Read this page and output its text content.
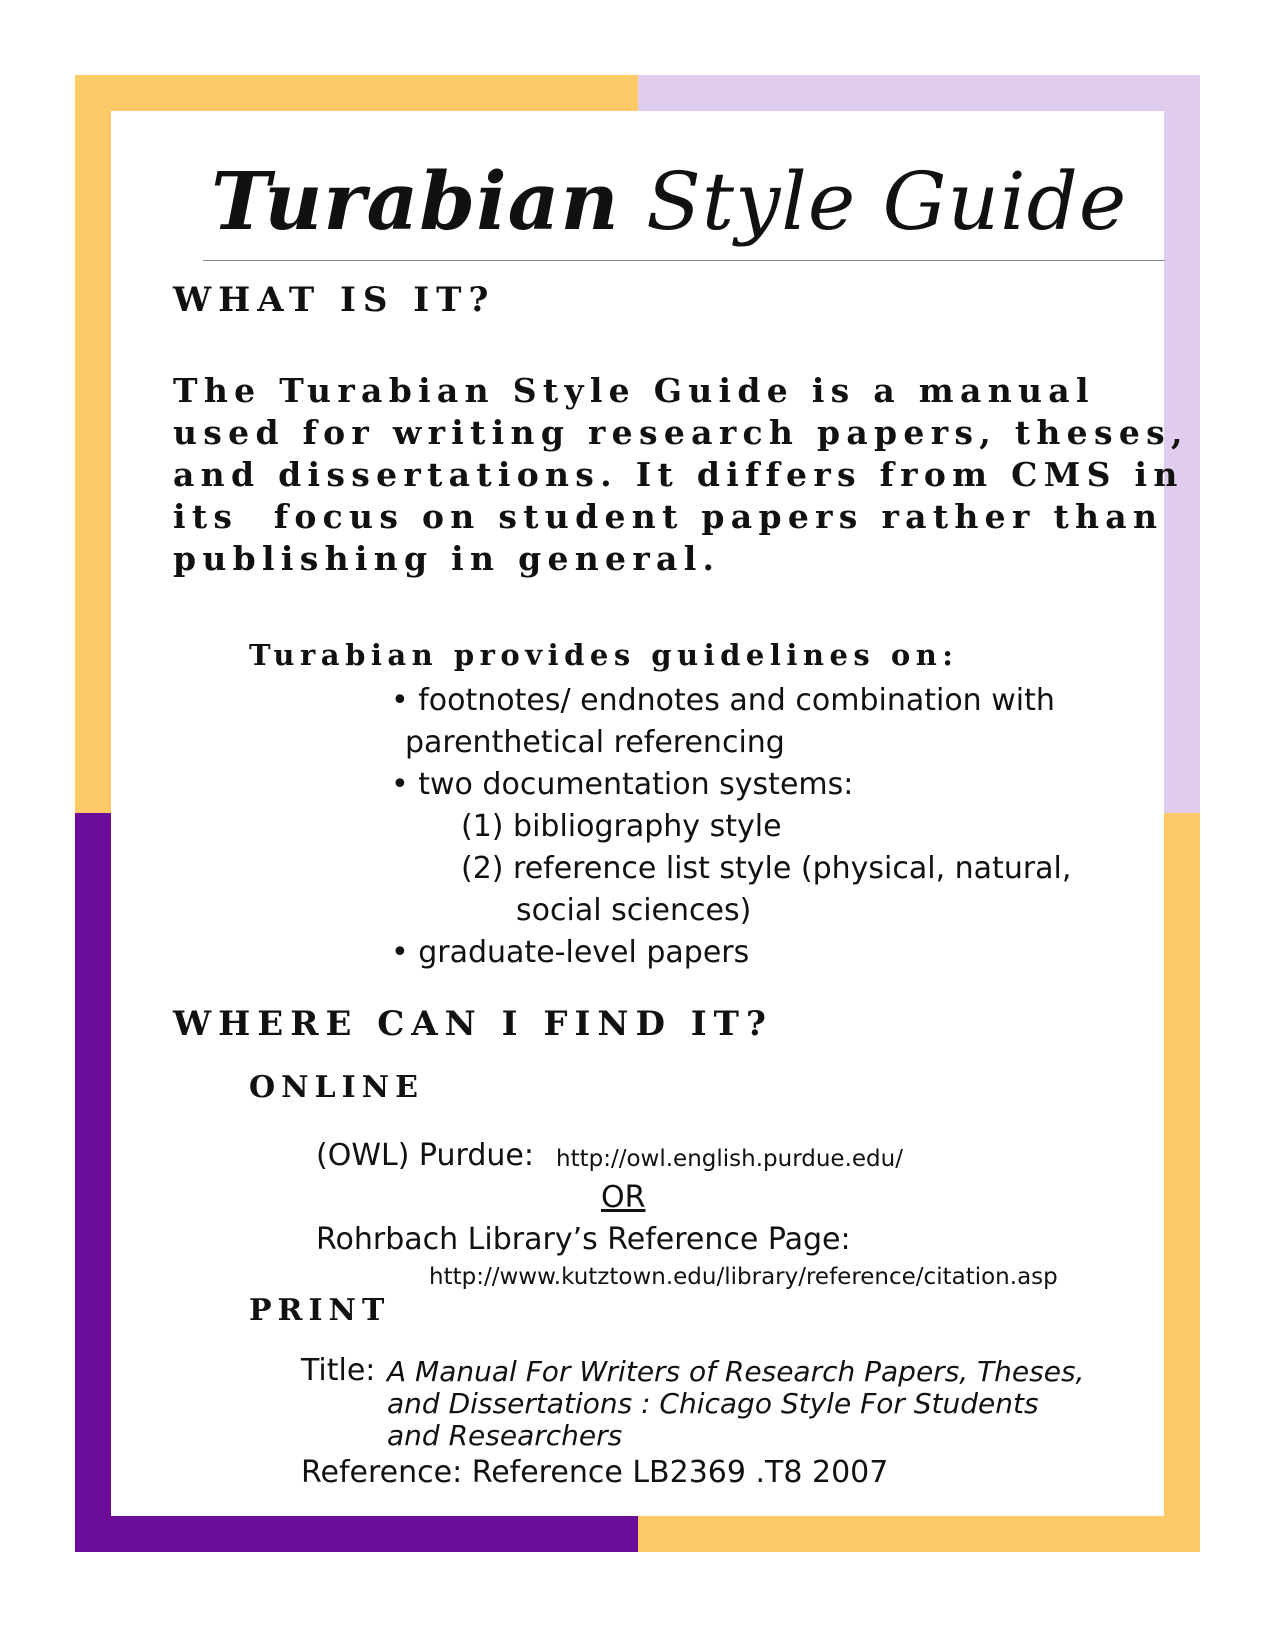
Turabian Style Guide
WHAT IS IT?

The Turabian Style Guide is a manual

used for writing research papers, theses,

and dissertations. It differs from CMS in

its  focus on student papers rather than

publishing in general.

Turabian provides guidelines on:

• footnotes/ endnotes and combination with

parenthetical referencing

• two documentation systems:

(1) bibliography style

(2) reference list style (physical, natural,

social sciences)

• graduate-level papers

WHERE CAN I FIND IT?
ONLINE

(OWL) Purdue: http://owl.english.purdue.edu/

OR

Rohrbach Library’s Reference Page:

http://www.kutztown.edu/library/reference/citation.asp

PRINT

Title: A Manual For Writers of Research Papers, Theses,

and Dissertations : Chicago Style For Students

and Researchers

Reference: Reference LB2369 .T8 2007
